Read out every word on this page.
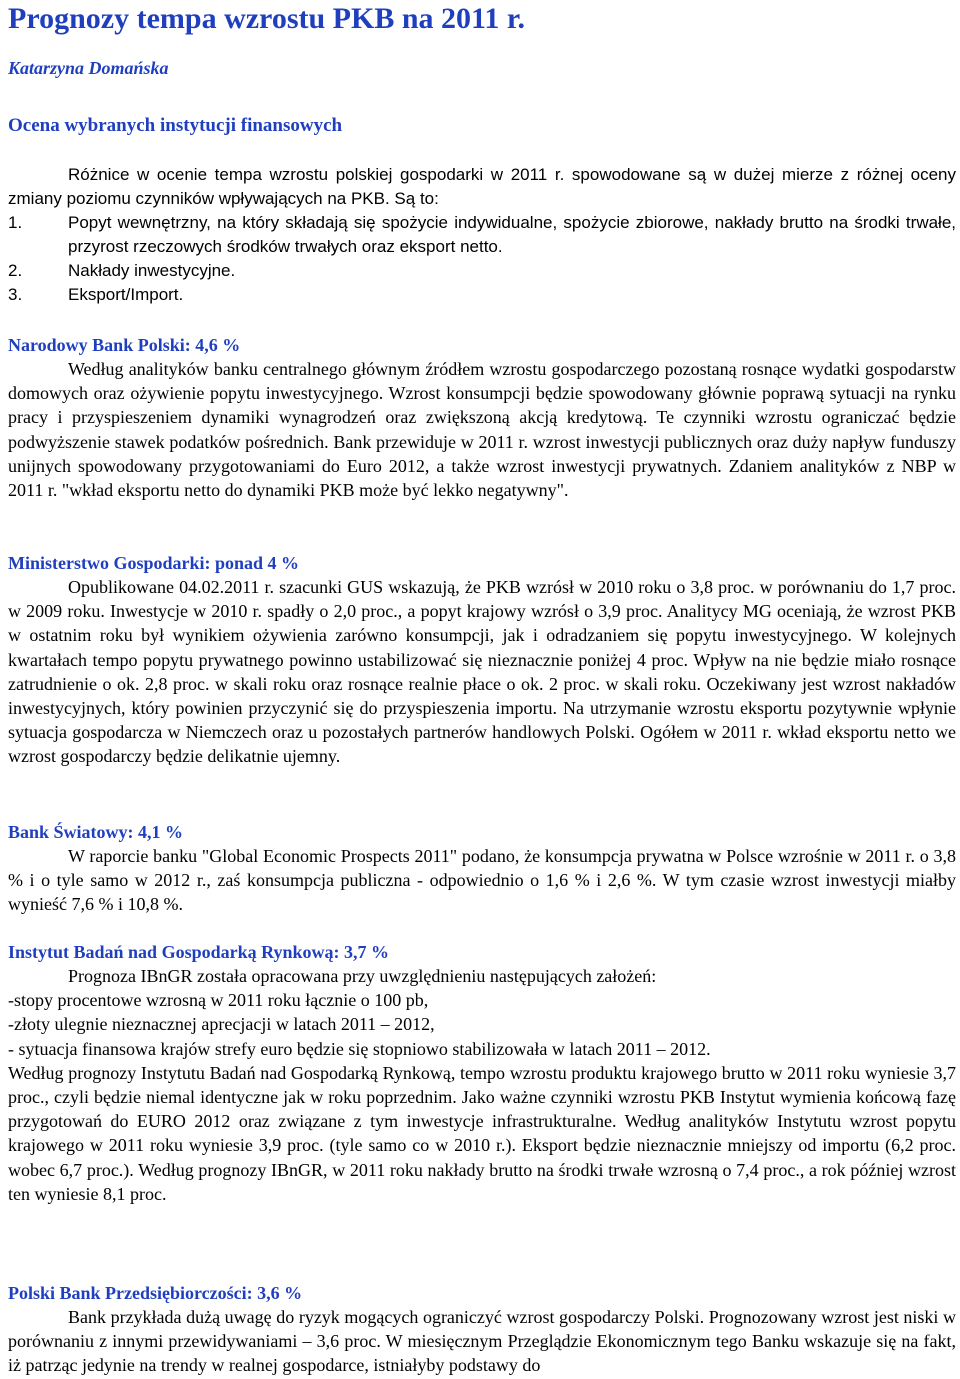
Prognozy tempa wzrostu PKB na 2011 r.
Katarzyna Domańska
Ocena wybranych instytucji finansowych

Różnice w ocenie tempa wzrostu polskiej gospodarki w 2011 r. spowodowane są w dużej mierze z różnej oceny zmiany poziomu czynników wpływających na PKB. Są to:

1.	Popyt wewnętrzny, na który składają się spożycie indywidualne, spożycie zbiorowe, nakłady brutto na środki trwałe, przyrost rzeczowych środków trwałych oraz eksport netto.
2.	Nakłady inwestycyjne.
3.	Eksport/Import.
Narodowy Bank Polski: 4,6 %

Według analityków banku centralnego głównym źródłem wzrostu gospodarczego pozostaną rosnące wydatki gospodarstw domowych oraz ożywienie popytu inwestycyjnego. Wzrost konsumpcji będzie spowodowany głównie poprawą sytuacji na rynku pracy i przyspieszeniem dynamiki wynagrodzeń oraz zwiększoną akcją kredytową. Te czynniki wzrostu ograniczać będzie podwyższenie stawek podatków pośrednich. Bank przewiduje w 2011 r. wzrost inwestycji publicznych oraz duży napływ funduszy unijnych spowodowany przygotowaniami do Euro 2012, a także wzrost inwestycji prywatnych. Zdaniem analityków z NBP w 2011 r. "wkład eksportu netto do dynamiki PKB może być lekko negatywny".

Ministerstwo Gospodarki: ponad 4 %

Opublikowane 04.02.2011 r. szacunki GUS wskazują, że PKB wzrósł w 2010 roku o 3,8 proc. w porównaniu do 1,7 proc. w 2009 roku. Inwestycje w 2010 r. spadły o 2,0 proc., a popyt krajowy wzrósł o 3,9 proc. Analitycy MG oceniają, że wzrost PKB w ostatnim roku był wynikiem ożywienia zarówno konsumpcji, jak i odradzaniem się popytu inwestycyjnego. W kolejnych kwartałach tempo popytu prywatnego powinno ustabilizować się nieznacznie poniżej 4 proc. Wpływ na nie będzie miało rosnące zatrudnienie o ok. 2,8 proc. w skali roku oraz rosnące realnie płace o ok. 2 proc. w skali roku. Oczekiwany jest wzrost nakładów inwestycyjnych, który powinien przyczynić się do przyspieszenia importu. Na utrzymanie wzrostu eksportu pozytywnie wpłynie sytuacja gospodarcza w Niemczech oraz u pozostałych partnerów handlowych Polski. Ogółem w 2011 r. wkład eksportu netto we wzrost gospodarczy będzie delikatnie ujemny.

Bank Światowy: 4,1 %

W raporcie banku "Global Economic Prospects 2011" podano, że konsumpcja prywatna w Polsce wzrośnie w 2011 r. o 3,8 % i o tyle samo w 2012 r., zaś konsumpcja publiczna - odpowiednio o 1,6 % i 2,6 %. W tym czasie wzrost inwestycji miałby wynieść 7,6 % i 10,8 %.

Instytut Badań nad Gospodarką Rynkową: 3,7 %

Prognoza IBnGR została opracowana przy uwzględnieniu następujących założeń:

-stopy procentowe wzrosną w 2011 roku łącznie o 100 pb,

-złoty ulegnie nieznacznej aprecjacji w latach 2011 – 2012,

- sytuacja finansowa krajów strefy euro będzie się stopniowo stabilizowała w latach 2011 – 2012.

Według prognozy Instytutu Badań nad Gospodarką Rynkową, tempo wzrostu produktu krajowego brutto w 2011 roku wyniesie 3,7 proc., czyli będzie niemal identyczne jak w roku poprzednim. Jako ważne czynniki wzrostu PKB Instytut wymienia końcową fazę przygotowań do EURO 2012 oraz związane z tym inwestycje infrastrukturalne. Według analityków Instytutu wzrost popytu krajowego w 2011 roku wyniesie 3,9 proc. (tyle samo co w 2010 r.). Eksport będzie nieznacznie mniejszy od importu (6,2 proc. wobec 6,7 proc.). Według prognozy IBnGR, w 2011 roku nakłady brutto na środki trwałe wzrosną o 7,4 proc., a rok później wzrost ten wyniesie 8,1 proc.

Polski Bank Przedsiębiorczości: 3,6 %

Bank przykłada dużą uwagę do ryzyk mogących ograniczyć wzrost gospodarczy Polski. Prognozowany wzrost jest niski w porównaniu z innymi przewidywaniami – 3,6 proc. W miesięcznym Przeglądzie Ekonomicznym tego Banku wskazuje się na fakt, iż patrząc jedynie na trendy w realnej gospodarce, istniałyby podstawy do
